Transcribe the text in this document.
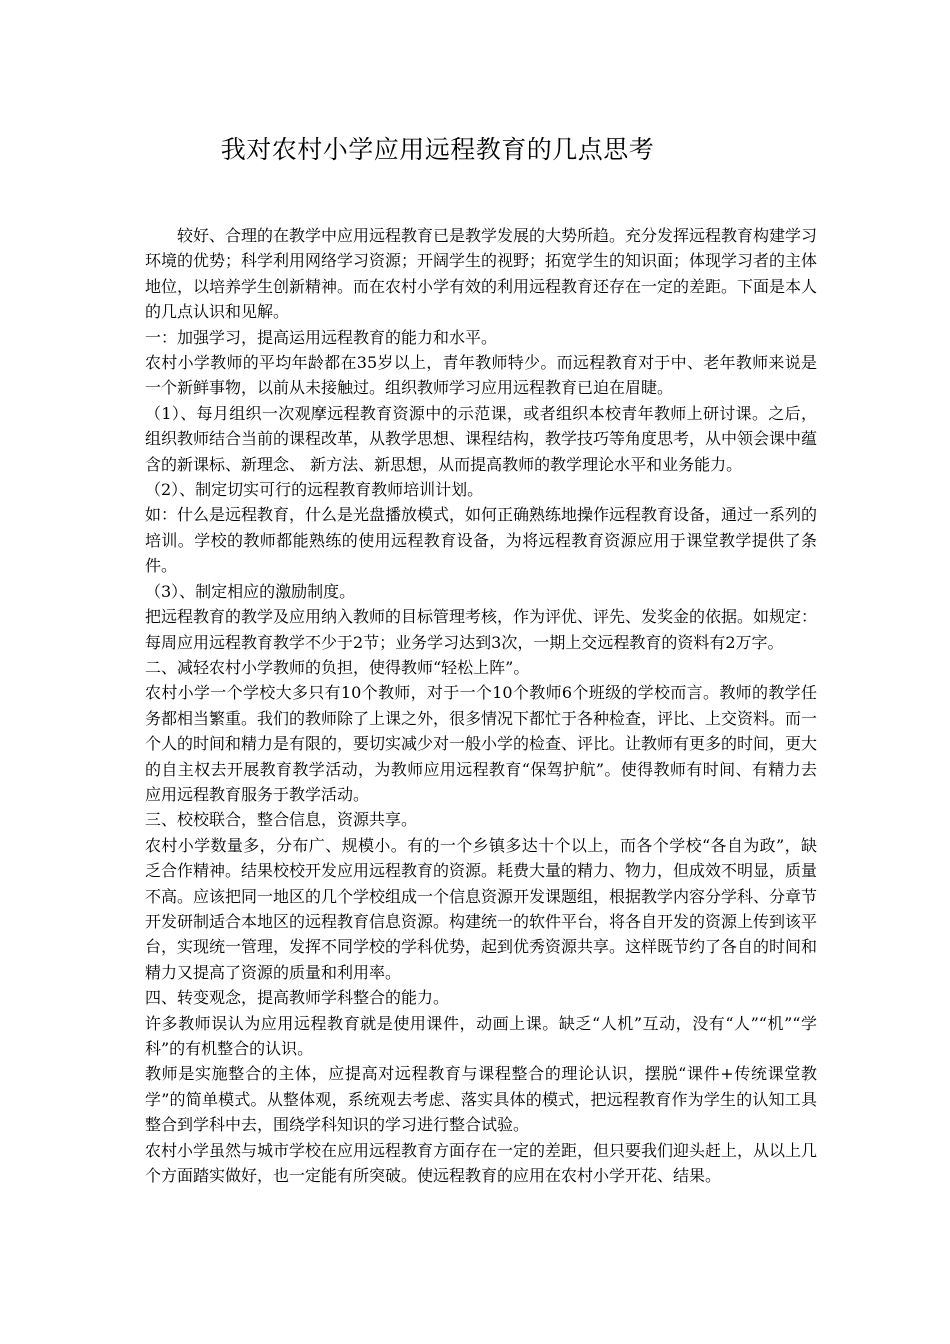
我对农村小学应用远程教育的几点思考

较好、合理的在教学中应用远程教育已是教学发展的大势所趋。充分发挥远程教育构建学习环境的优势；科学利用网络学习资源；开阔学生的视野；拓宽学生的知识面；体现学习者的主体地位，以培养学生创新精神。而在农村小学有效的利用远程教育还存在一定的差距。下面是本人的几点认识和见解。

一：加强学习，提高运用远程教育的能力和水平。

农村小学教师的平均年龄都在35岁以上，青年教师特少。而远程教育对于中、老年教师来说是一个新鲜事物，以前从未接触过。组织教师学习应用远程教育已迫在眉睫。

（1）、每月组织一次观摩远程教育资源中的示范课，或者组织本校青年教师上研讨课。之后，组织教师结合当前的课程改革，从教学思想、课程结构，教学技巧等角度思考，从中领会课中蕴含的新课标、新理念、 新方法、新思想，从而提高教师的教学理论水平和业务能力。

（2）、制定切实可行的远程教育教师培训计划。

如：什么是远程教育，什么是光盘播放模式，如何正确熟练地操作远程教育设备，通过一系列的培训。学校的教师都能熟练的使用远程教育设备，为将远程教育资源应用于课堂教学提供了条件。

（3）、制定相应的激励制度。

把远程教育的教学及应用纳入教师的目标管理考核，作为评优、评先、发奖金的依据。如规定：每周应用远程教育教学不少于2节；业务学习达到3次，一期上交远程教育的资料有2万字。

二、减轻农村小学教师的负担，使得教师“轻松上阵”。

农村小学一个学校大多只有10个教师，对于一个10个教师6个班级的学校而言。教师的教学任务都相当繁重。我们的教师除了上课之外，很多情况下都忙于各种检查，评比、上交资料。而一个人的时间和精力是有限的，要切实减少对一般小学的检查、评比。让教师有更多的时间，更大的自主权去开展教育教学活动，为教师应用远程教育“保驾护航”。使得教师有时间、有精力去应用远程教育服务于教学活动。

三、校校联合，整合信息，资源共享。

农村小学数量多，分布广、规模小。有的一个乡镇多达十个以上，而各个学校“各自为政”，缺乏合作精神。结果校校开发应用远程教育的资源。耗费大量的精力、物力，但成效不明显，质量不高。应该把同一地区的几个学校组成一个信息资源开发课题组，根据教学内容分学科、分章节开发研制适合本地区的远程教育信息资源。构建统一的软件平台，将各自开发的资源上传到该平台，实现统一管理，发挥不同学校的学科优势，起到优秀资源共享。这样既节约了各自的时间和精力又提高了资源的质量和利用率。

四、转变观念，提高教师学科整合的能力。

许多教师误认为应用远程教育就是使用课件，动画上课。缺乏“人机”互动，没有“人”“机”“学科”的有机整合的认识。

教师是实施整合的主体，应提高对远程教育与课程整合的理论认识，摆脱“课件+传统课堂教学”的简单模式。从整体观，系统观去考虑、落实具体的模式，把远程教育作为学生的认知工具整合到学科中去，围绕学科知识的学习进行整合试验。

农村小学虽然与城市学校在应用远程教育方面存在一定的差距，但只要我们迎头赶上，从以上几个方面踏实做好，也一定能有所突破。使远程教育的应用在农村小学开花、结果。
